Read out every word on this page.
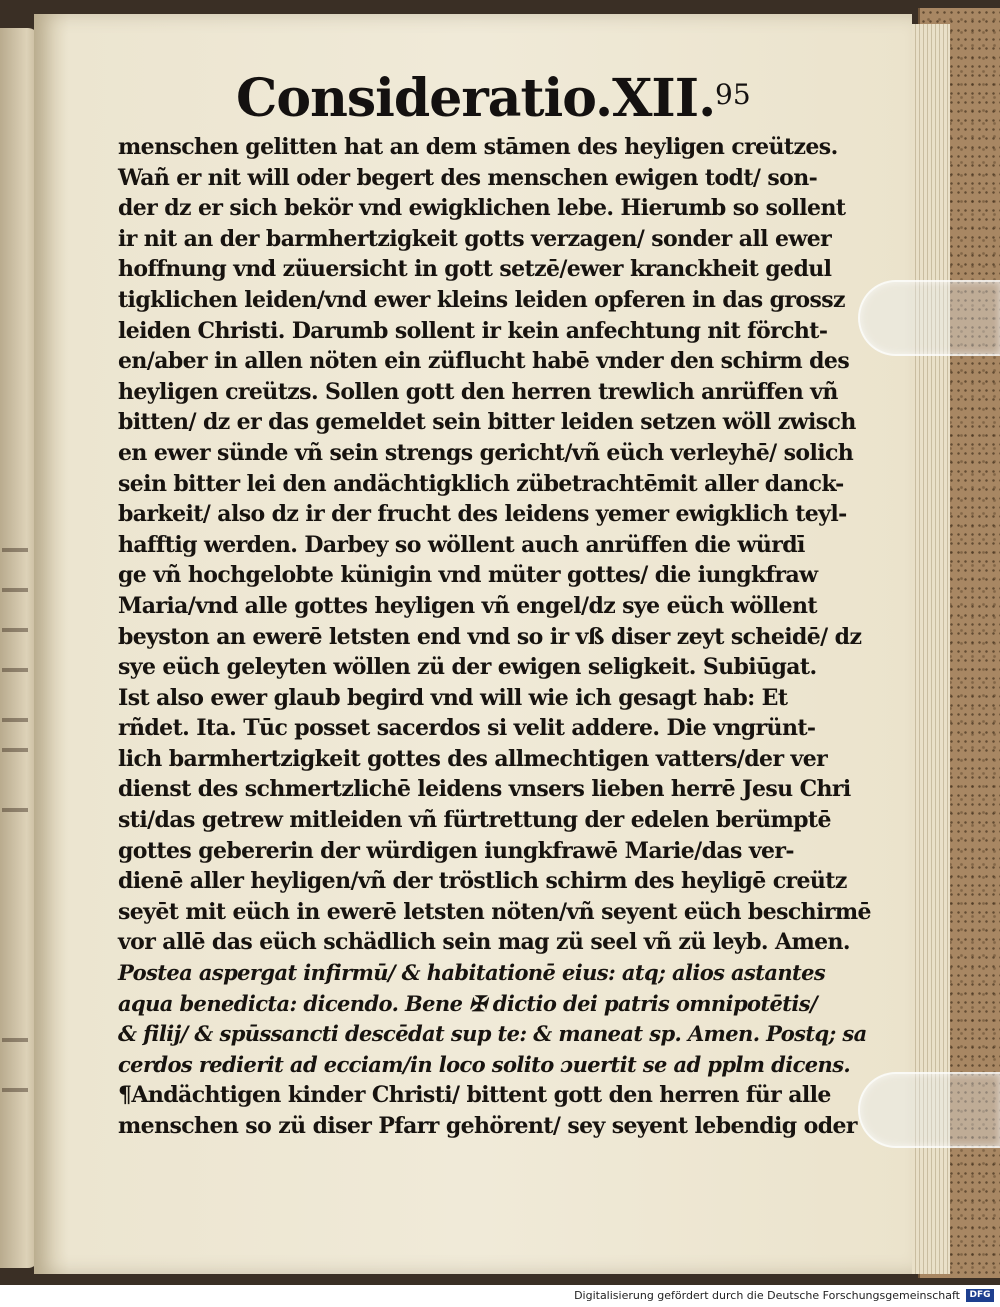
Consideratio.XII. 95
menschen gelitten hat an dem stāmen des heyligen creützes.
Wañ er nit will oder begert des menschen ewigen todt/ son-
der dz er sich bekör vnd ewigklichen lebe. Hierumb so sollent
ir nit an der barmhertzigkeit gotts verzagen/ sonder all ewer
hoffnung vnd züuersicht in gott setzē/ewer kranckheit gedul
tigklichen leiden/vnd ewer kleins leiden opferen in das grossz
leiden Christi. Darumb sollent ir kein anfechtung nit förcht-
en/aber in allen nöten ein züflucht habē vnder den schirm des
heyligen creützs. Sollen gott den herren trewlich anrüffen vñ
bitten/ dz er das gemeldet sein bitter leiden setzen wöll zwisch
en ewer sünde vñ sein strengs gericht/vñ eüch verleyhē/ solich
sein bitter lei den andächtigklich zübetrachtēmit aller danck-
barkeit/ also dz ir der frucht des leidens yemer ewigklich teyl-
hafftig werden. Darbey so wöllent auch anrüffen die würdī
ge vñ hochgelobte künigin vnd müter gottes/ die iungkfraw
Maria/vnd alle gottes heyligen vñ engel/dz sye eüch wöllent
beyston an ewerē letsten end vnd so ir vß diser zeyt scheidē/ dz
sye eüch geleyten wöllen zü der ewigen seligkeit. Subiūgat.
Ist also ewer glaub begird vnd will wie ich gesagt hab: Et
rñdet. Ita. Tūc posset sacerdos si velit addere. Die vngrünt-
lich barmhertzigkeit gottes des allmechtigen vatters/der ver
dienst des schmertzlichē leidens vnsers lieben herrē Jesu Chri
sti/das getrew mitleiden vñ fürtrettung der edelen berümptē
gottes gebererin der würdigen iungkfrawē Marie/das ver-
dienē aller heyligen/vñ der tröstlich schirm des heyligē creütz
seyēt mit eüch in ewerē letsten nöten/vñ seyent eüch beschirmē
vor allē das eüch schädlich sein mag zü seel vñ zü leyb. Amen.
Postea aspergat infirmū/ & habitationē eius: atq; alios astantes
aqua benedicta: dicendo. Bene ✠ dictio dei patris omnipotētis/
& filij/ & spūssancti descēdat sup te: & maneat sp. Amen. Postq; sa
cerdos redierit ad ecciam/in loco solito ɔuertit se ad pplm dicens.
¶Andächtigen kinder Christi/ bittent gott den herren für alle
menschen so zü diser Pfarr gehörent/ sey seyent lebendig oder
Digitalisierung gefördert durch die Deutsche Forschungsgemeinschaft	DFG
